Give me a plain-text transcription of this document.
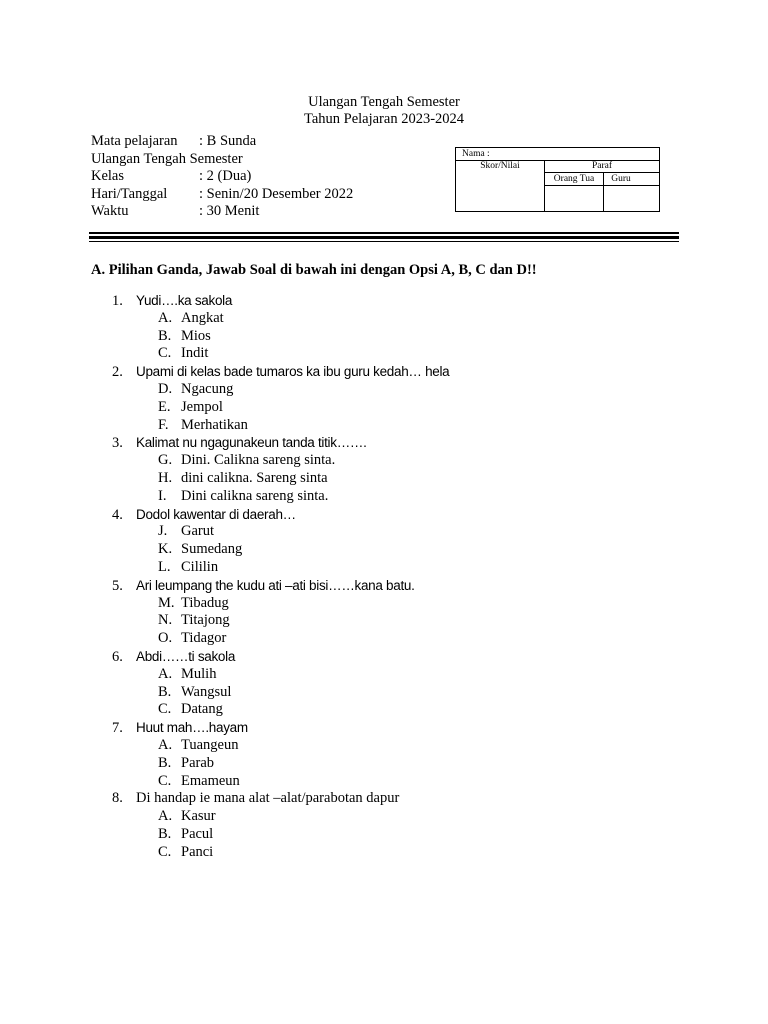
Ulangan Tengah Semester
Tahun Pelajaran 2023-2024
Mata pelajaran : B Sunda
Ulangan Tengah Semester
Kelas	: 2 (Dua)
Hari/Tanggal : Senin/20 Desember 2022
Waktu	: 30 Menit
Nama :
Skor/Nilai	Paraf
Orang Tua	Guru
A. Pilihan Ganda, Jawab Soal di bawah ini dengan Opsi A, B, C dan D!!
1. Yudi….ka sakola
A. Angkat
B. Mios
C. Indit
2. Upami di kelas bade tumaros ka ibu guru kedah… hela
D. Ngacung
E. Jempol
F. Merhatikan
3. Kalimat nu ngagunakeun tanda titik…….
G. Dini. Calikna sareng sinta.
H. dini calikna. Sareng sinta
I. Dini calikna sareng sinta.
4. Dodol kawentar di daerah…
J. Garut
K. Sumedang
L. Cililin
5. Ari leumpang the kudu ati –ati bisi……kana batu.
M. Tibadug
N. Titajong
O. Tidagor
6. Abdi……ti sakola
A. Mulih
B. Wangsul
C. Datang
7. Huut mah….hayam
A. Tuangeun
B. Parab
C. Emameun
8. Di handap ie mana alat –alat/parabotan dapur
A. Kasur
B. Pacul
C. Panci
